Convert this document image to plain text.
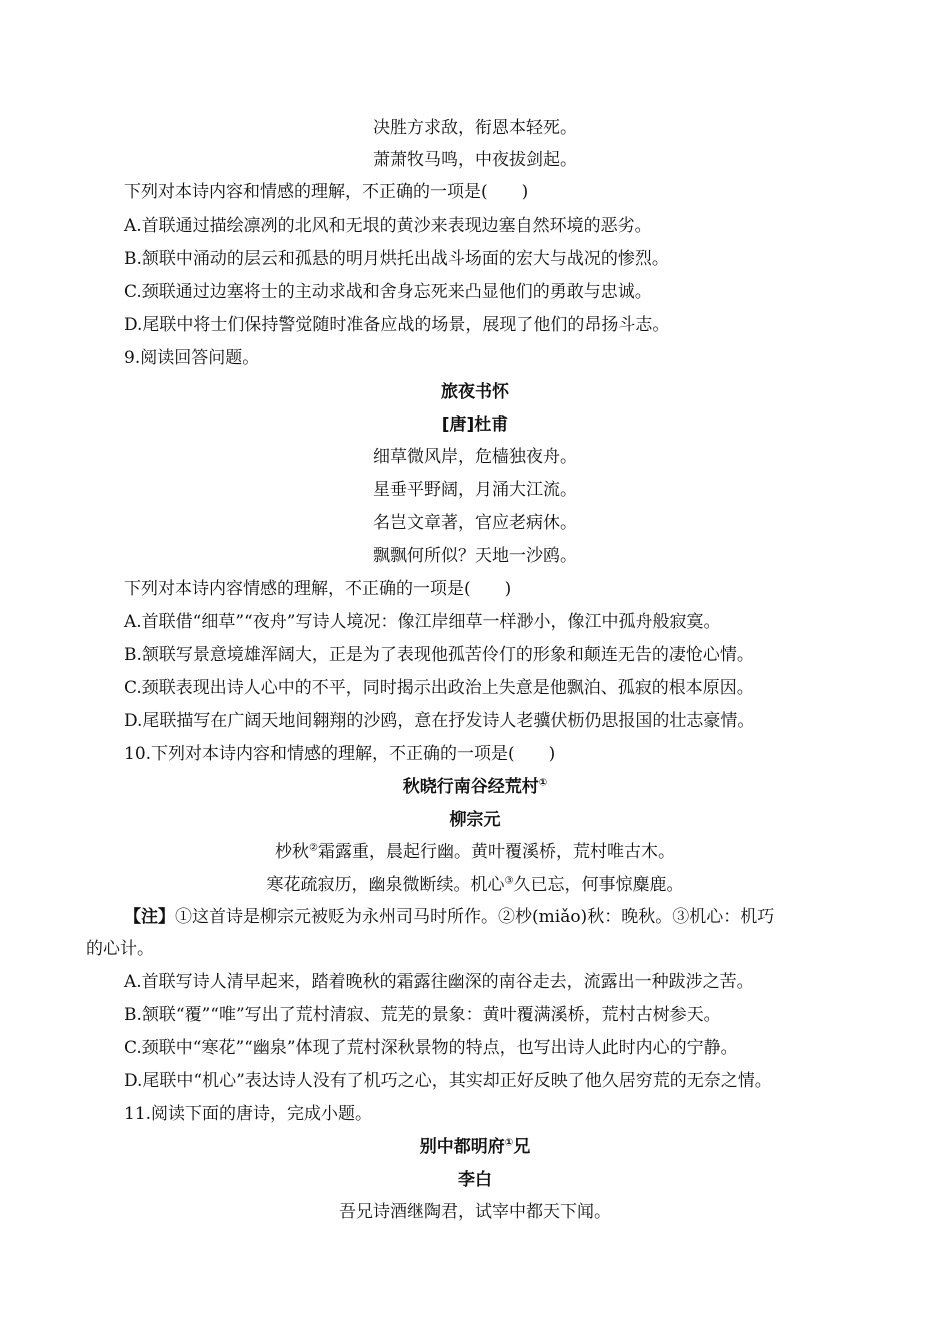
决胜方求敌，衔恩本轻死。
萧萧牧马鸣，中夜拔剑起。
下列对本诗内容和情感的理解，不正确的一项是(　　)
A.首联通过描绘凛冽的北风和无垠的黄沙来表现边塞自然环境的恶劣。
B.颔联中涌动的层云和孤悬的明月烘托出战斗场面的宏大与战况的惨烈。
C.颈联通过边塞将士的主动求战和舍身忘死来凸显他们的勇敢与忠诚。
D.尾联中将士们保持警觉随时准备应战的场景，展现了他们的昂扬斗志。
9.阅读回答问题。
旅夜书怀
[唐]杜甫
细草微风岸，危樯独夜舟。
星垂平野阔，月涌大江流。
名岂文章著，官应老病休。
飘飘何所似？天地一沙鸥。
下列对本诗内容情感的理解，不正确的一项是(　　)
A.首联借“细草”“夜舟”写诗人境况：像江岸细草一样渺小，像江中孤舟般寂寞。
B.颔联写景意境雄浑阔大，正是为了表现他孤苦伶仃的形象和颠连无告的凄怆心情。
C.颈联表现出诗人心中的不平，同时揭示出政治上失意是他飘泊、孤寂的根本原因。
D.尾联描写在广阔天地间翱翔的沙鸥，意在抒发诗人老骥伏枥仍思报国的壮志豪情。
10.下列对本诗内容和情感的理解，不正确的一项是(　　)
秋晓行南谷经荒村①
柳宗元
杪秋②霜露重，晨起行幽。黄叶覆溪桥，荒村唯古木。
寒花疏寂历，幽泉微断续。机心③久已忘，何事惊麋鹿。
【注】①这首诗是柳宗元被贬为永州司马时所作。②杪(miǎo)秋：晚秋。③机心：机巧
的心计。
A.首联写诗人清早起来，踏着晚秋的霜露往幽深的南谷走去，流露出一种跋涉之苦。
B.颔联“覆”“唯”写出了荒村清寂、荒芜的景象：黄叶覆满溪桥，荒村古树参天。
C.颈联中“寒花”“幽泉”体现了荒村深秋景物的特点，也写出诗人此时内心的宁静。
D.尾联中“机心”表达诗人没有了机巧之心，其实却正好反映了他久居穷荒的无奈之情。
11.阅读下面的唐诗，完成小题。
别中都明府①兄
李白
吾兄诗酒继陶君，试宰中都天下闻。
